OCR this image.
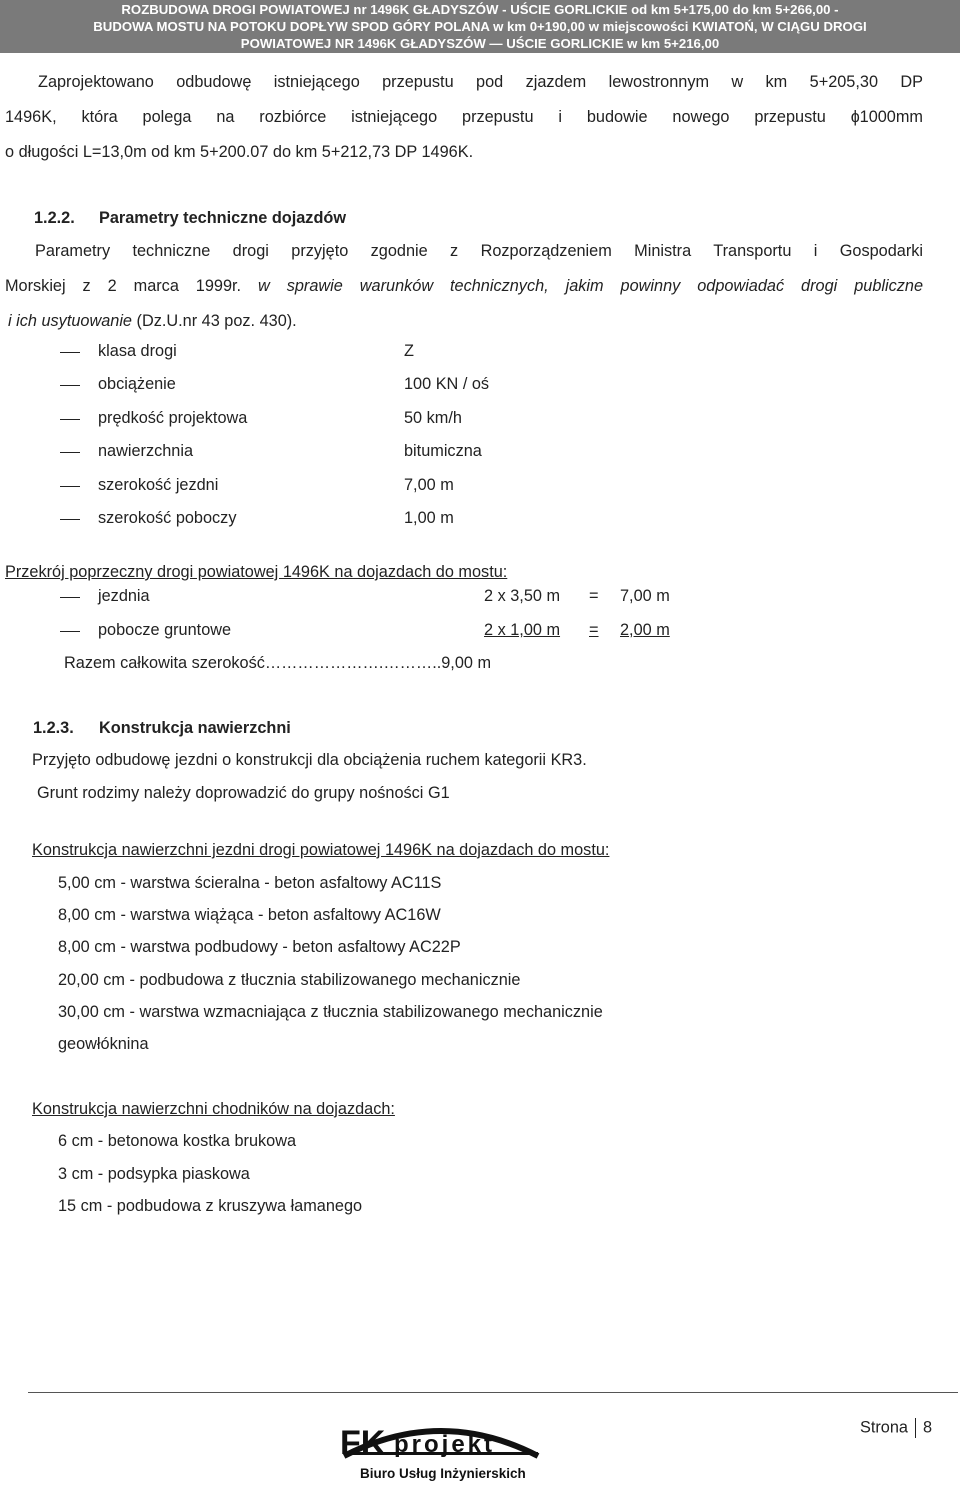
ROZBUDOWA DROGI POWIATOWEJ nr 1496K GŁADYSZÓW - UŚCIE GORLICKIE od km 5+175,00 do km 5+266,00 -
BUDOWA MOSTU NA POTOKU DOPŁYW SPOD GÓRY POLANA w km 0+190,00 w miejscowości KWIATOŃ, W CIĄGU DROGI
POWIATOWEJ NR 1496K GŁADYSZÓW — UŚCIE GORLICKIE w km 5+216,00
Zaprojektowano odbudowę istniejącego przepustu pod zjazdem lewostronnym w km 5+205,30 DP
1496K, która polega na rozbiórce istniejącego przepustu i budowie nowego przepustu ɸ1000mm
o długości L=13,0m od km 5+200.07 do km 5+212,73 DP 1496K.
1.2.2. Parametry techniczne dojazdów
Parametry techniczne drogi przyjęto zgodnie z Rozporządzeniem Ministra Transportu i Gospodarki
Morskiej z 2 marca 1999r. w sprawie warunków technicznych, jakim powinny odpowiadać drogi publiczne
i ich usytuowanie (Dz.U.nr 43 poz. 430).
klasa drogi	Z
obciążenie	100 KN / oś
prędkość projektowa	50 km/h
nawierzchnia	bitumiczna
szerokość jezdni	7,00 m
szerokość poboczy	1,00 m
Przekrój poprzeczny drogi powiatowej 1496K na dojazdach do mostu:
jezdnia	2 x 3,50 m = 7,00 m
pobocze gruntowe	2 x 1,00 m = 2,00 m
Razem całkowita szerokość………………….………..9,00 m
1.2.3. Konstrukcja nawierzchni
Przyjęto odbudowę jezdni o konstrukcji dla obciążenia ruchem kategorii KR3.
Grunt rodzimy należy doprowadzić do grupy nośności G1
Konstrukcja nawierzchni jezdni drogi powiatowej 1496K na dojazdach do mostu:
5,00 cm - warstwa ścieralna - beton asfaltowy AC11S
8,00 cm - warstwa wiążąca - beton asfaltowy AC16W
8,00 cm - warstwa podbudowy - beton asfaltowy AC22P
20,00 cm - podbudowa z tłucznia stabilizowanego mechanicznie
30,00 cm - warstwa wzmacniająca z tłucznia stabilizowanego mechanicznie
geowłóknina
Konstrukcja nawierzchni chodników na dojazdach:
6 cm - betonowa kostka brukowa
3 cm - podsypka piaskowa
15 cm - podbudowa z kruszywa łamanego
FK projekt
Biuro Usług Inżynierskich
Strona 8
